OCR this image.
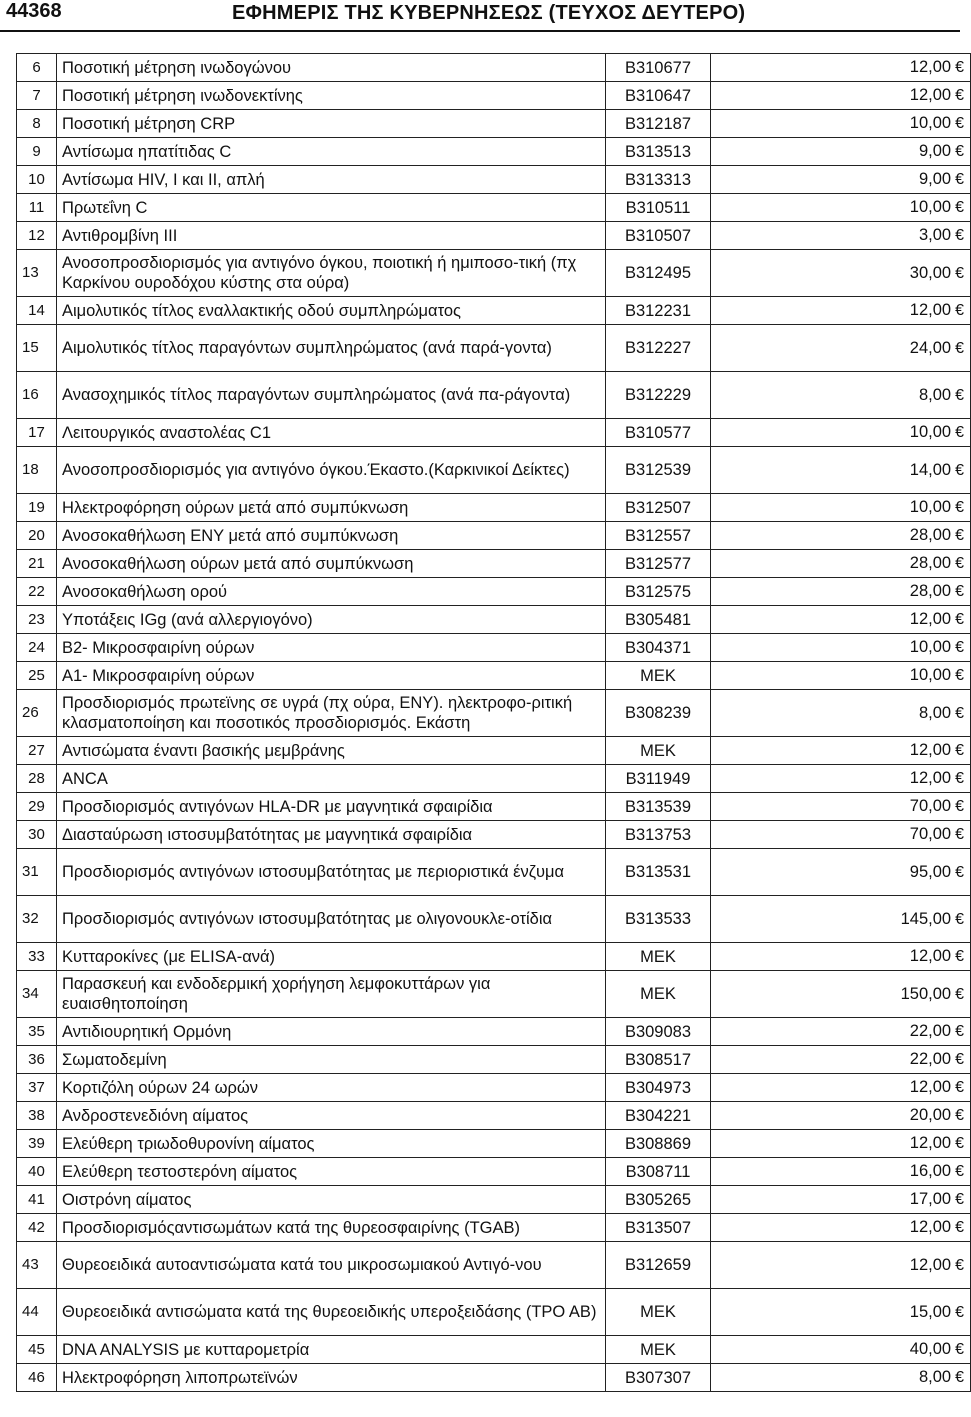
44368	ΕΦΗΜΕΡΙΣ ΤΗΣ ΚΥΒΕΡΝΗΣΕΩΣ (ΤΕΥΧΟΣ ΔΕΥΤΕΡΟ)
6	Ποσοτική μέτρηση ινωδογώνου	Β310677	12,00 €
7	Ποσοτική μέτρηση ινωδονεκτίνης	Β310647	12,00 €
8	Ποσοτική μέτρηση CRP	Β312187	10,00 €
9	Αντίσωμα ηπατίτιδας C	Β313513	9,00 €
10	Αντίσωμα HIV, I και II, απλή	Β313313	9,00 €
11	Πρωτεΐνη C	Β310511	10,00 €
12	Αντιθρομβίνη III	Β310507	3,00 €
13	Ανοσοπροσδιορισμός για αντιγόνο όγκου, ποιοτική ή ημιποσο-τική (πχ Καρκίνου ουροδόχου κύστης στα ούρα)	Β312495	30,00 €
14	Αιμολυτικός τίτλος εναλλακτικής οδού συμπληρώματος	Β312231	12,00 €
15	Αιμολυτικός τίτλος παραγόντων συμπληρώματος (ανά παρά-γοντα)	Β312227	24,00 €
16	Ανασοχημικός τίτλος παραγόντων συμπληρώματος (ανά πα-ράγοντα)	Β312229	8,00 €
17	Λειτουργικός αναστολέας C1	Β310577	10,00 €
18	Ανοσοπροσδιορισμός για αντιγόνο όγκου.Έκαστο.(Καρκινικοί Δείκτες)	Β312539	14,00 €
19	Ηλεκτροφόρηση ούρων μετά από συμπύκνωση	Β312507	10,00 €
20	Ανοσοκαθήλωση ΕΝΥ μετά από συμπύκνωση	Β312557	28,00 €
21	Ανοσοκαθήλωση ούρων μετά από συμπύκνωση	Β312577	28,00 €
22	Ανοσοκαθήλωση ορού	Β312575	28,00 €
23	Υποτάξεις IGg (ανά αλλεργιογόνο)	Β305481	12,00 €
24	Β2- Μικροσφαιρίνη ούρων	Β304371	10,00 €
25	Α1- Μικροσφαιρίνη ούρων	ΜΕΚ	10,00 €
26	Προσδιορισμός πρωτεϊνης σε υγρά (πχ ούρα, ΕΝΥ). ηλεκτροφο-ριτική κλασματοποίηση και ποσοτικός προσδιορισμός. Εκάστη	Β308239	8,00 €
27	Αντισώματα έναντι βασικής μεμβράνης	ΜΕΚ	12,00 €
28	ANCA	Β311949	12,00 €
29	Προσδιορισμός αντιγόνων HLA-DR με μαγνητικά σφαιρίδια	Β313539	70,00 €
30	Διασταύρωση ιστοσυμβατότητας με μαγνητικά σφαιρίδια	Β313753	70,00 €
31	Προσδιορισμός αντιγόνων ιστοσυμβατότητας με περιοριστικά ένζυμα	Β313531	95,00 €
32	Προσδιορισμός αντιγόνων ιστοσυμβατότητας με ολιγονουκλε-οτίδια	Β313533	145,00 €
33	Κυτταροκίνες (με ELISA-ανά)	ΜΕΚ	12,00 €
34	Παρασκευή και ενδοδερμική χορήγηση λεμφοκυττάρων για ευαισθητοποίηση	ΜΕΚ	150,00 €
35	Αντιδιουρητική Ορμόνη	Β309083	22,00 €
36	Σωματοδεμίνη	Β308517	22,00 €
37	Κορτιζόλη ούρων 24 ωρών	Β304973	12,00 €
38	Ανδροστενεδιόνη αίματος	Β304221	20,00 €
39	Ελεύθερη τριωδοθυρονίνη αίματος	Β308869	12,00 €
40	Ελεύθερη τεστοστερόνη αίματος	Β308711	16,00 €
41	Οιστρόνη αίματος	Β305265	17,00 €
42	Προσδιορισμόςαντισωμάτων κατά της θυρεοσφαιρίνης (TGAB)	Β313507	12,00 €
43	Θυρεοειδικά αυτοαντισώματα κατά του μικροσωμιακού Αντιγό-νου	Β312659	12,00 €
44	Θυρεοειδικά αντισώματα κατά της θυρεοειδικής υπεροξειδάσης (ΤΡΟ ΑΒ)	ΜΕΚ	15,00 €
45	DNA ANALYSIS με κυτταρομετρία	ΜΕΚ	40,00 €
46	Ηλεκτροφόρηση λιποπρωτεϊνών	Β307307	8,00 €
